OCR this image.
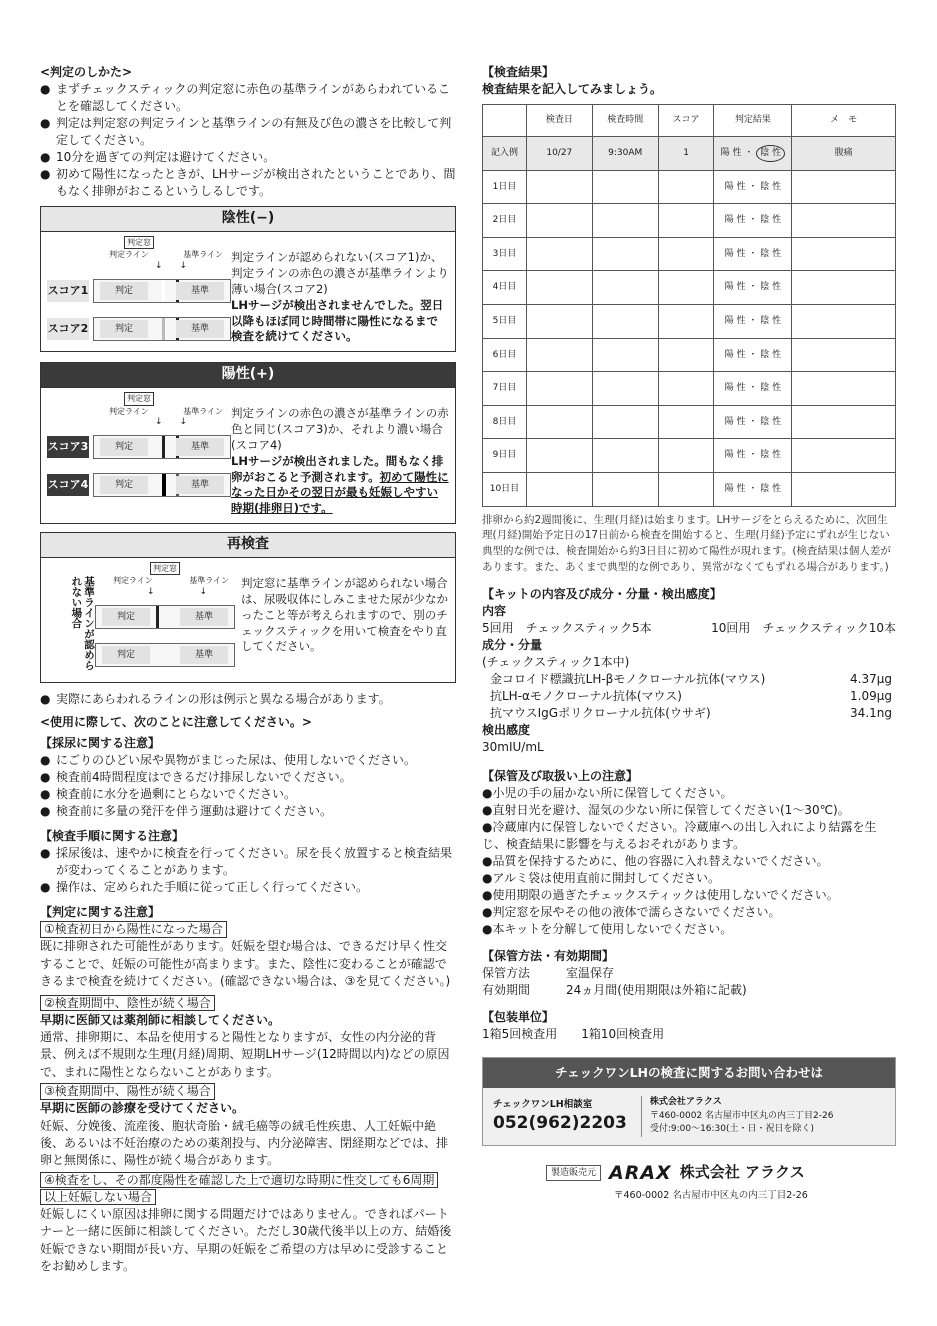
<判定のしかた>
● まずチェックスティックの判定窓に赤色の基準ラインがあらわれていることを確認してください。
● 判定は判定窓の判定ラインと基準ラインの有無及び色の濃さを比較して判定してください。
● 10分を過ぎての判定は避けてください。
● 初めて陽性になったときが、LHサージが検出されたということであり、間もなく排卵がおこるというしるしです。
陰性(−)
判定窓
判定ライン	基準ライン
↓ ↓
スコア1	判定	基準
スコア2	判定	基準
判定ラインが認められない(スコア1)か、判定ラインの赤色の濃さが基準ラインより薄い場合(スコア2)
LHサージが検出されませんでした。翌日以降もほぼ同じ時間帯に陽性になるまで検査を続けてください。
陽性(+)
判定窓
判定ライン	基準ライン
↓ ↓
スコア3	判定	基準
スコア4	判定	基準
判定ラインの赤色の濃さが基準ラインの赤色と同じ(スコア3)か、それより濃い場合(スコア4)
LHサージが検出されました。間もなく排卵がおこると予測されます。初めて陽性になった日かその翌日が最も妊娠しやすい時期(排卵日)です。
再検査
基準ラインが認められない場合
判定窓
判定ライン	基準ライン
↓	↓
判定	基準
判定	基準
判定窓に基準ラインが認められない場合は、尿吸収体にしみこませた尿が少なかったこと等が考えられますので、別のチェックスティックを用いて検査をやり直してください。
● 実際にあらわれるラインの形は例示と異なる場合があります。
<使用に際して、次のことに注意してください。>
【採尿に関する注意】
● にごりのひどい尿や異物がまじった尿は、使用しないでください。
● 検査前4時間程度はできるだけ排尿しないでください。
● 検査前に水分を過剰にとらないでください。
● 検査前に多量の発汗を伴う運動は避けてください。
【検査手順に関する注意】
● 採尿後は、速やかに検査を行ってください。尿を長く放置すると検査結果が変わってくることがあります。
● 操作は、定められた手順に従って正しく行ってください。
【判定に関する注意】
①検査初日から陽性になった場合

既に排卵された可能性があります。妊娠を望む場合は、できるだけ早く性交することで、妊娠の可能性が高まります。また、陰性に変わることが確認できるまで検査を続けてください。(確認できない場合は、③を見てください。)

②検査期間中、陰性が続く場合

早期に医師又は薬剤師に相談してください。

通常、排卵期に、本品を使用すると陽性となりますが、女性の内分泌的背景、例えば不規則な生理(月経)周期、短期LHサージ(12時間以内)などの原因で、まれに陽性とならないことがあります。

③検査期間中、陽性が続く場合

早期に医師の診療を受けてください。

妊娠、分娩後、流産後、胞状奇胎・絨毛癌等の絨毛性疾患、人工妊娠中絶後、あるいは不妊治療のための薬剤投与、内分泌障害、閉経期などでは、排卵と無関係に、陽性が続く場合があります。

④検査をし、その都度陽性を確認した上で適切な時期に性交しても6周期
以上妊娠しない場合

妊娠しにくい原因は排卵に関する問題だけではありません。できればパートナーと一緒に医師に相談してください。ただし30歳代後半以上の方、結婚後妊娠できない期間が長い方、早期の妊娠をご希望の方は早めに受診することをお勧めします。

【検査結果】
検査結果を記入してみましょう。
	検査日	検査時間	スコア	判定結果	メ　モ
記入例	10/27	9:30AM	1	陽 性 ・ 陰 性	腹痛
1日目				陽 性 ・ 陰 性	
2日目				陽 性 ・ 陰 性	
3日目				陽 性 ・ 陰 性	
4日目				陽 性 ・ 陰 性	
5日目				陽 性 ・ 陰 性	
6日目				陽 性 ・ 陰 性	
7日目				陽 性 ・ 陰 性	
8日目				陽 性 ・ 陰 性	
9日目				陽 性 ・ 陰 性	
10日目				陽 性 ・ 陰 性	

排卵から約2週間後に、生理(月経)は始まります。LHサージをとらえるために、次回生理(月経)開始予定日の17日前から検査を開始すると、生理(月経)予定にずれが生じない典型的な例では、検査開始から約3日目に初めて陽性が現れます。(検査結果は個人差があります。また、あくまで典型的な例であり、異常がなくてもずれる場合があります。)

【キットの内容及び成分・分量・検出感度】
内容
5回用　チェックスティック5本	10回用　チェックスティック10本
成分・分量
(チェックスティック1本中)
金コロイド標識抗LH-βモノクローナル抗体(マウス)	4.37μg
抗LH-αモノクローナル抗体(マウス)	1.09μg
抗マウスIgGポリクローナル抗体(ウサギ)	34.1ng
検出感度
30mIU/mL
【保管及び取扱い上の注意】
●小児の手の届かない所に保管してください。
●直射日光を避け、湿気の少ない所に保管してください(1〜30℃)。
●冷蔵庫内に保管しないでください。冷蔵庫への出し入れにより結露を生じ、検査結果に影響を与えるおそれがあります。
●品質を保持するために、他の容器に入れ替えないでください。
●アルミ袋は使用直前に開封してください。
●使用期限の過ぎたチェックスティックは使用しないでください。
●判定窓を尿やその他の液体で濡らさないでください。
●本キットを分解して使用しないでください。
【保管方法・有効期間】
保管方法	室温保存
有効期間	24ヵ月間(使用期限は外箱に記載)
【包装単位】
1箱5回検査用　　1箱10回検査用
チェックワンLHの検査に関するお問い合わせは
チェックワンLH相談室
052(962)2203
株式会社アラクス
〒460-0002 名古屋市中区丸の内三丁目2-26
受付:9:00〜16:30(土・日・祝日を除く)
製造販売元 ARAX 株式会社 アラクス
〒460-0002 名古屋市中区丸の内三丁目2-26
